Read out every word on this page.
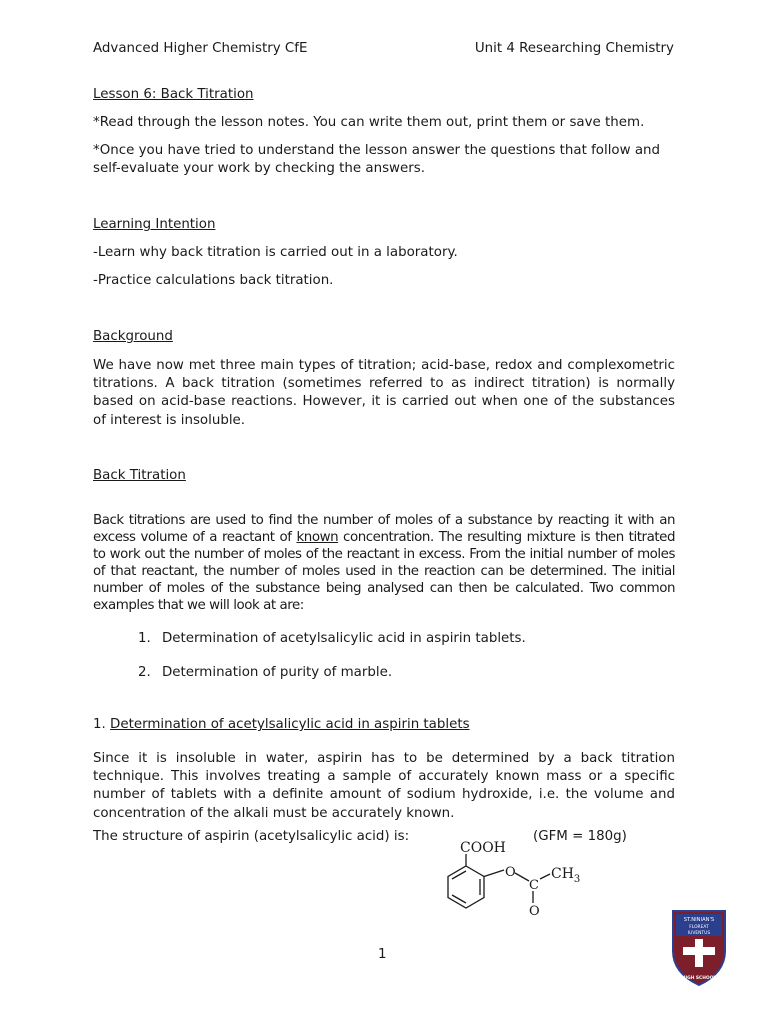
Advanced Higher Chemistry CfE	Unit 4 Researching Chemistry

Lesson 6: Back Titration

*Read through the lesson notes. You can write them out, print them or save them.

*Once you have tried to understand the lesson answer the questions that follow and self-evaluate your work by checking the answers.

Learning Intention

-Learn why back titration is carried out in a laboratory.

-Practice calculations back titration.

Background

We have now met three main types of titration; acid-base, redox and complexometric titrations. A back titration (sometimes referred to as indirect titration) is normally based on acid-base reactions. However, it is carried out when one of the substances of interest is insoluble.

Back Titration

Back titrations are used to find the number of moles of a substance by reacting it with an excess volume of a reactant of known concentration. The resulting mixture is then titrated to work out the number of moles of the reactant in excess. From the initial number of moles of that reactant, the number of moles used in the reaction can be determined. The initial number of moles of the substance being analysed can then be calculated. Two common examples that we will look at are:

1. Determination of acetylsalicylic acid in aspirin tablets.

2. Determination of purity of marble.

1. Determination of acetylsalicylic acid in aspirin tablets

Since it is insoluble in water, aspirin has to be determined by a back titration technique. This involves treating a sample of accurately known mass or a specific number of tablets with a definite amount of sodium hydroxide, i.e. the volume and concentration of the alkali must be accurately known.

The structure of aspirin (acetylsalicylic acid) is:	(GFM = 180g)

COOH
O
C
$CH_3$
O

1

ST.NINIAN'S
FLOREAT
IUVENTUS
HIGH SCHOOL
